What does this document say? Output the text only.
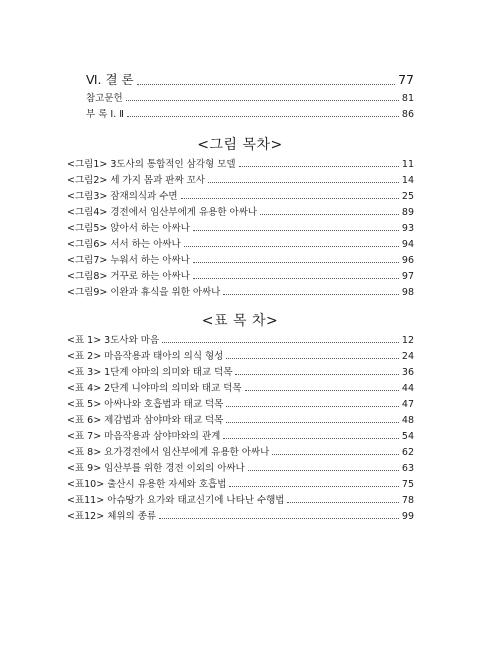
Ⅵ. 결 론	77
참고문헌	81
부 록 Ⅰ. Ⅱ	86
<그림 목차>
<그림1> 3도사의 통합적인 삼각형 모델	11
<그림2> 세 가지 몸과 판짜 꼬사	14
<그림3> 잠재의식과 수면	25
<그림4> 경전에서 임산부에게 유용한 아싸나	89
<그림5> 앉아서 하는 아싸나	93
<그림6> 서서 하는 아싸나	94
<그림7> 누워서 하는 아싸나	96
<그림8> 거꾸로 하는 아싸나	97
<그림9> 이완과 휴식을 위한 아싸나	98
<표 목 차>
<표 1> 3도사와 마음	12
<표 2> 마음작용과 태아의 의식 형성	24
<표 3> 1단계 야마의 의미와 태교 덕목	36
<표 4> 2단계 니야마의 의미와 태교 덕목	44
<표 5> 아싸나와 호흡법과 태교 덕목	47
<표 6> 제감법과 삼야마와 태교 덕목	48
<표 7> 마음작용과 삼야마와의 관계	54
<표 8> 요가경전에서 임산부에게 유용한 아싸나	62
<표 9> 임산부를 위한 경전 이외의 아싸나	63
<표10> 출산시 유용한 자세와 호흡법	75
<표11> 아슈땅가 요가와 태교신기에 나타난 수행법	78
<표12> 체위의 종류	99
